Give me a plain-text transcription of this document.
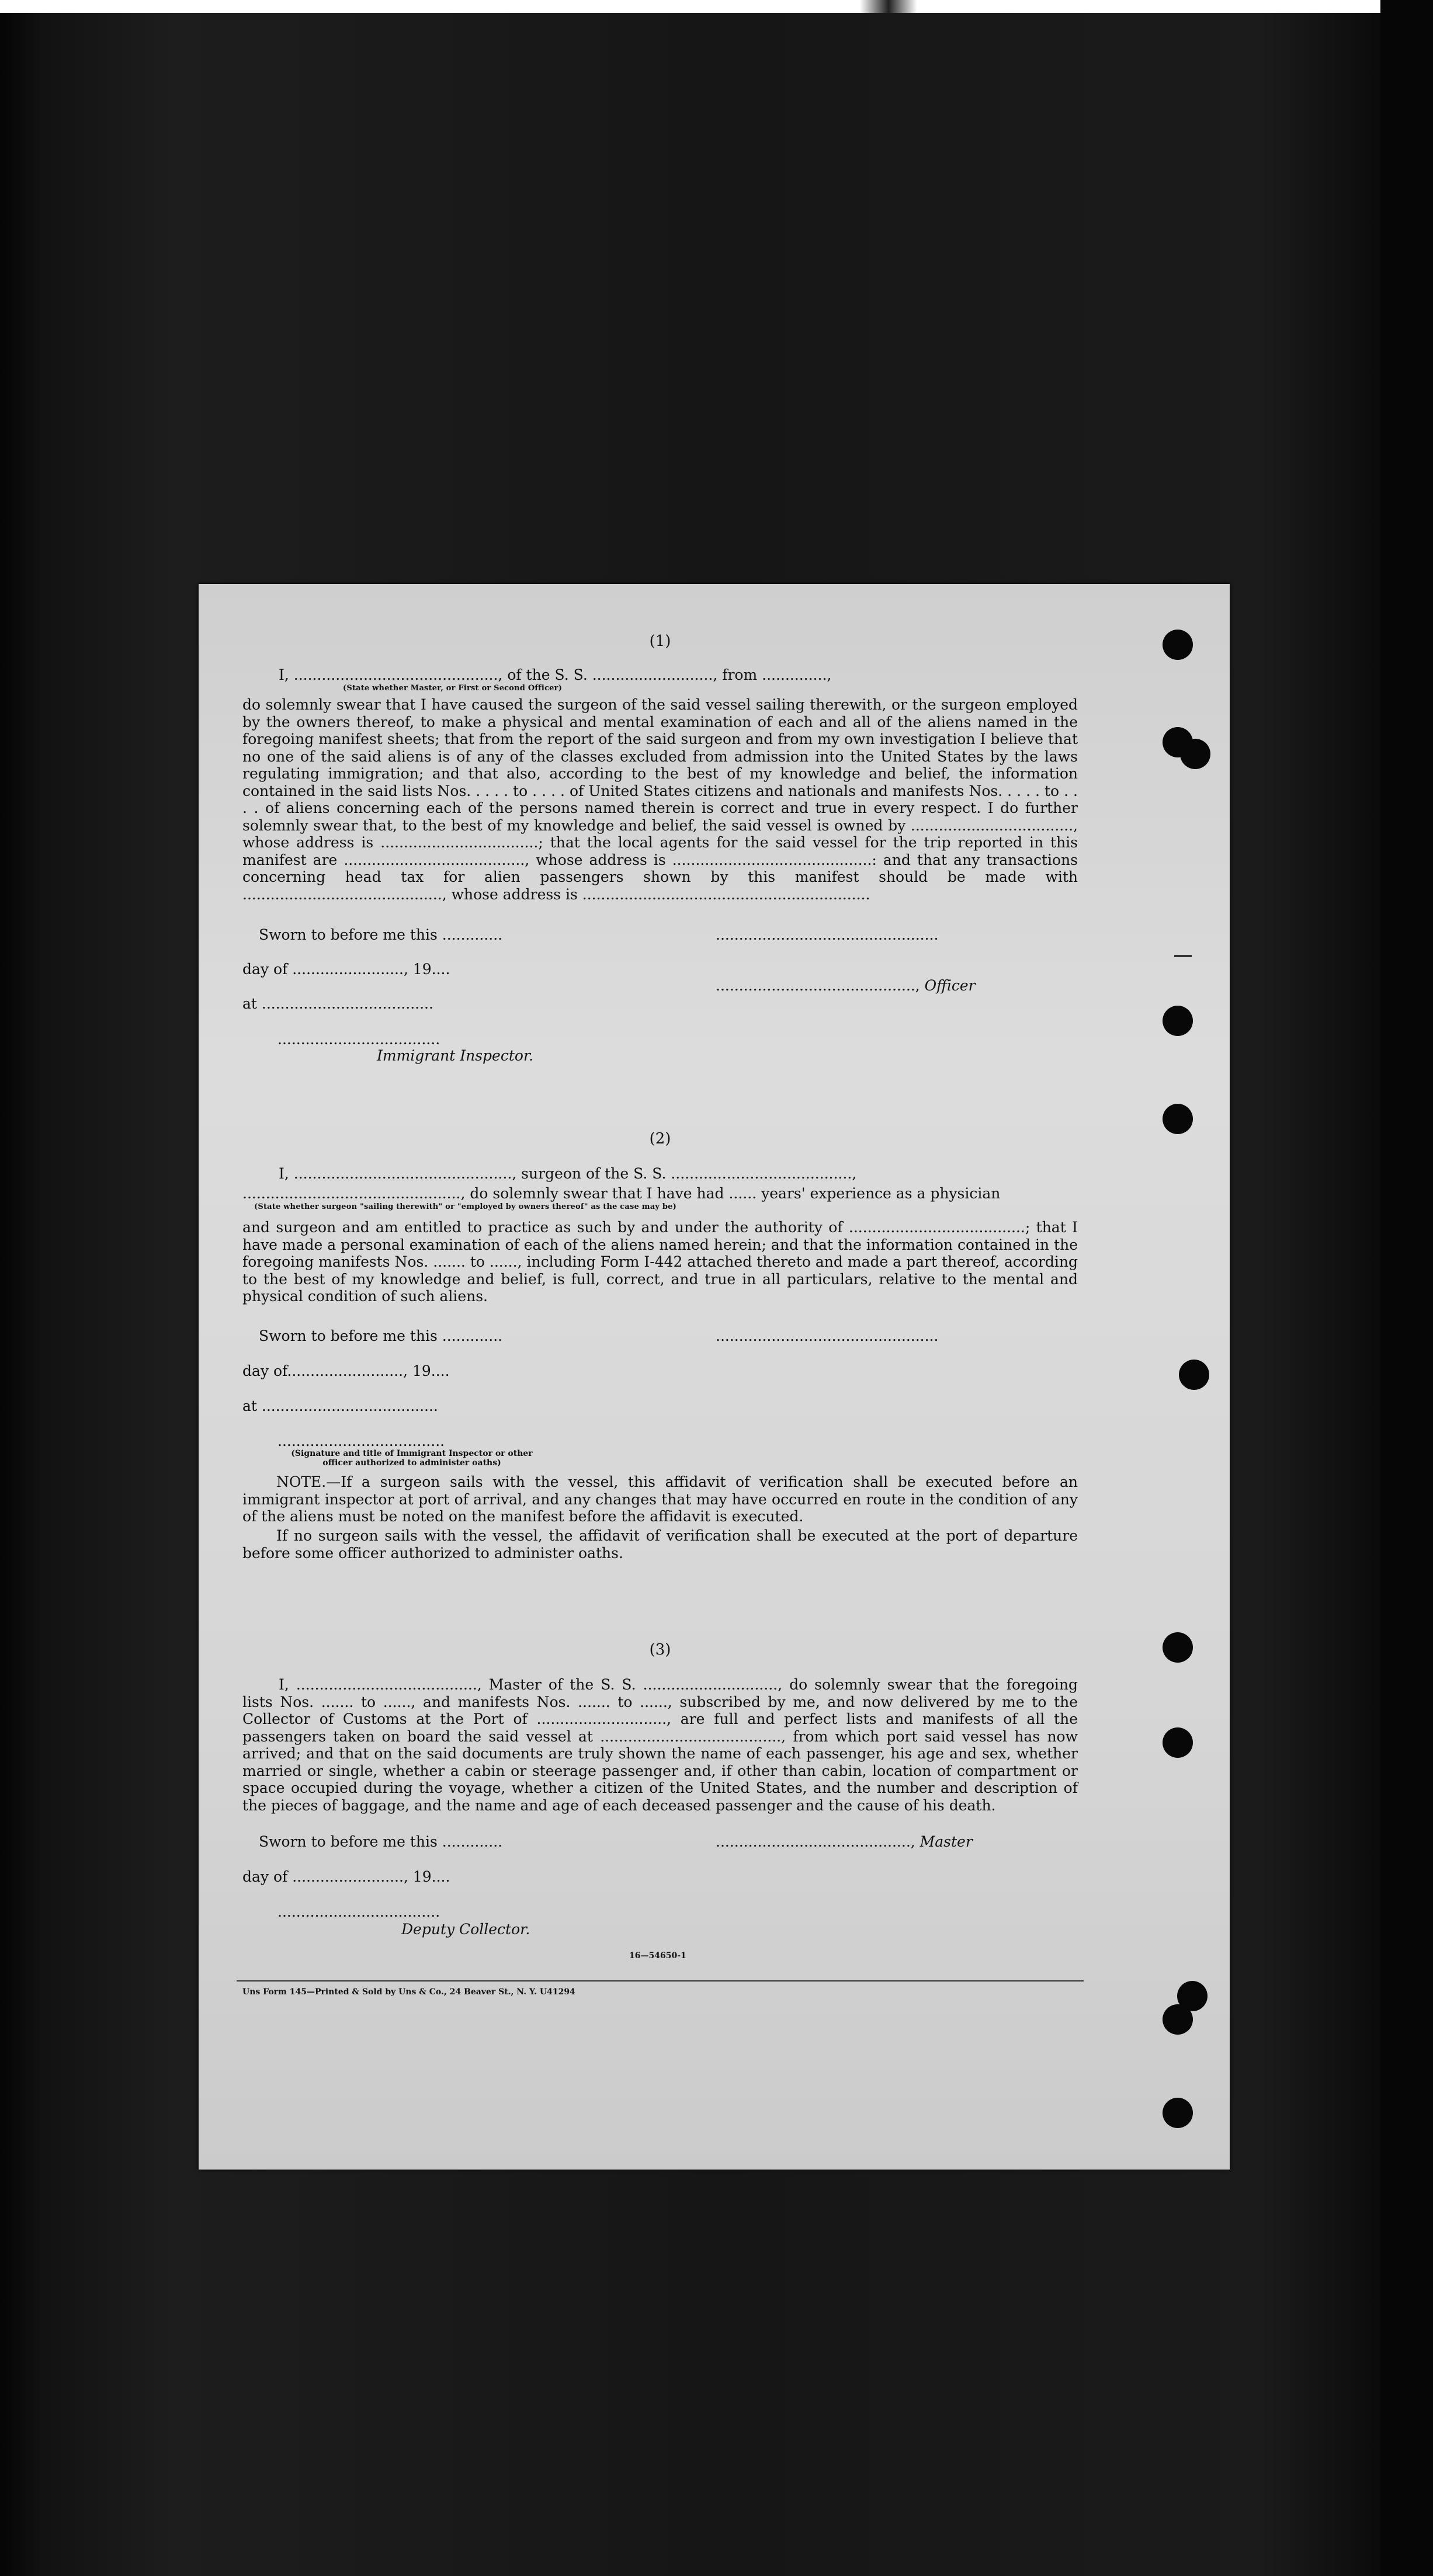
(1)
I, ............................................, of the S. S. .........................., from ..............,
(State whether Master, or First or Second Officer)
do solemnly swear that I have caused the surgeon of the said vessel sailing therewith, or the surgeon employed by the owners thereof, to make a physical and mental examination of each and all of the aliens named in the foregoing manifest sheets; that from the report of the said surgeon and from my own investigation I believe that no one of the said aliens is of any of the classes excluded from admission into the United States by the laws regulating immigration; and that also, according to the best of my knowledge and belief, the information contained in the said lists Nos. . . . . to . . . . of United States citizens and nationals and manifests Nos. . . . . to . . . . of aliens concerning each of the persons named therein is correct and true in every respect. I do further solemnly swear that, to the best of my knowledge and belief, the said vessel is owned by ..................................., whose address is ..................................; that the local agents for the said vessel for the trip reported in this manifest are ......................................., whose address is ...........................................: and that any transactions concerning head tax for alien passengers shown by this manifest should be made with ..........................................., whose address is ..............................................................
Sworn to before me this .............	................................................
day of ........................, 19....
..........................................., Officer
at .....................................
...................................
Immigrant Inspector.
(2)
I, ..............................................., surgeon of the S. S. .......................................,
..............................................., do solemnly swear that I have had ...... years' experience as a physician
(State whether surgeon "sailing therewith" or "employed by owners thereof" as the case may be)
and surgeon and am entitled to practice as such by and under the authority of ......................................; that I have made a personal examination of each of the aliens named herein; and that the information contained in the foregoing manifests Nos. ....... to ......, including Form I-442 attached thereto and made a part thereof, according to the best of my knowledge and belief, is full, correct, and true in all particulars, relative to the mental and physical condition of such aliens.
Sworn to before me this .............	................................................
day of........................., 19....
at ......................................
....................................
(Signature and title of Immigrant Inspector or other officer authorized to administer oaths)
NOTE.—If a surgeon sails with the vessel, this affidavit of verification shall be executed before an immigrant inspector at port of arrival, and any changes that may have occurred en route in the condition of any of the aliens must be noted on the manifest before the affidavit is executed.
If no surgeon sails with the vessel, the affidavit of verification shall be executed at the port of departure before some officer authorized to administer oaths.
(3)
I, ......................................., Master of the S. S. ............................., do solemnly swear that the foregoing lists Nos. ....... to ......, and manifests Nos. ....... to ......, subscribed by me, and now delivered by me to the Collector of Customs at the Port of ............................, are full and perfect lists and manifests of all the passengers taken on board the said vessel at ......................................., from which port said vessel has now arrived; and that on the said documents are truly shown the name of each passenger, his age and sex, whether married or single, whether a cabin or steerage passenger and, if other than cabin, location of compartment or space occupied during the voyage, whether a citizen of the United States, and the number and description of the pieces of baggage, and the name and age of each deceased passenger and the cause of his death.
Sworn to before me this .............	.........................................., Master
day of ........................, 19....
...................................
Deputy Collector.
16—54650-1
Uns Form 145—Printed & Sold by Uns & Co., 24 Beaver St., N. Y. U41294
